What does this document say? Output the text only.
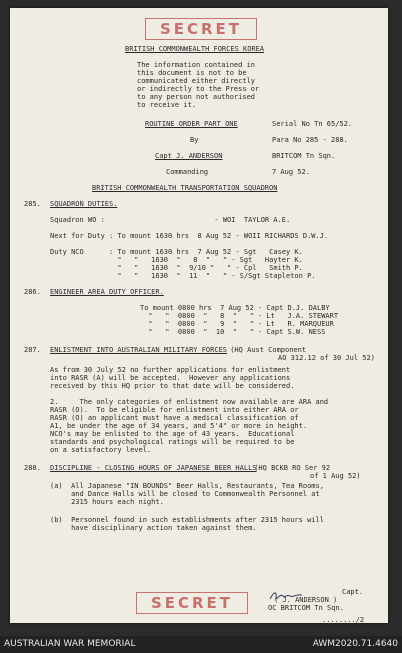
SECRET
BRITISH COMMONWEALTH FORCES KOREA
The information contained in
this document is not to be
communicated either directly
or indirectly to the Press or
to any person not authorised
to receive it.
ROUTINE ORDER PART ONE
By
Capt J. ANDERSON
Commanding
Serial No Tn 65/52.
Para No 285 - 288.
BRITCOM Tn Sqn.
7 Aug 52.
BRITISH COMMONWEALTH TRANSPORTATION SQUADRON
285. SQUADRON DUTIES.
Squadron WO :                          - WOI  TAYLOR A.E.
Next for Duty : To mount 1630 hrs  8 Aug 52 - WOII RICHARDS D.W.J.
Duty NCO      : To mount 1630 hrs  7 Aug 52 - Sgt   Casey K.
"   "   1630  "   8  "   " - Sgt   Hayter K.
"   "   1630  "  9/10 "   " - Cpl   Smith P.
"   "   1630  "  11  "   " - S/Sgt Stapleton P.
286. ENGINEER AREA DUTY OFFICER.
To mount 0800 hrs  7 Aug 52 - Capt D.J. DALBY
"   "  0800  "   8  "   " - Lt   J.A. STEWART
"   "  0800  "   9  "   " - Lt   R. MARQUEUR
"   "  0800  "  10  "   " - Capt S.W. NESS
287. ENLISTMENT INTO AUSTRALIAN MILITARY FORCES
(HQ Aust Component
AO 312.12 of 30 Jul 52)
As from 30 July 52 no further applications for enlistment
into RASR (A) will be accepted.  However any applications
received by this HQ prior to that date will be considered.
2.     The only categories of enlistment now available are ARA and
RASR (O).  To be eligible for enlistment into either ARA or
RASR (O) an applicant must have a medical classification of
A1, be under the age of 34 years, and 5'4" or more in height.
NCO's may be enlisted to the age of 43 years.  Educational
standards and psychological ratings will be required to be
on a satisfactory level.
288. DISCIPLINE - CLOSING HOURS OF JAPANESE BEER HALLS
(HQ BCKB RO Ser 92
of 1 Aug 52)
(a)  All Japanese "IN BOUNDS" Beer Halls, Restaurants, Tea Rooms,
and Dance Halls will be closed to Commonwealth Personnel at
2315 hours each night.
(b)  Personnel found in such establishments after 2315 hours will
have disciplinary action taken against them.
Capt.
( J. ANDERSON )
OC BRITCOM Tn Sqn.
SECRET
......../2
AUSTRALIAN WAR MEMORIAL	AWM2020.71.4640
